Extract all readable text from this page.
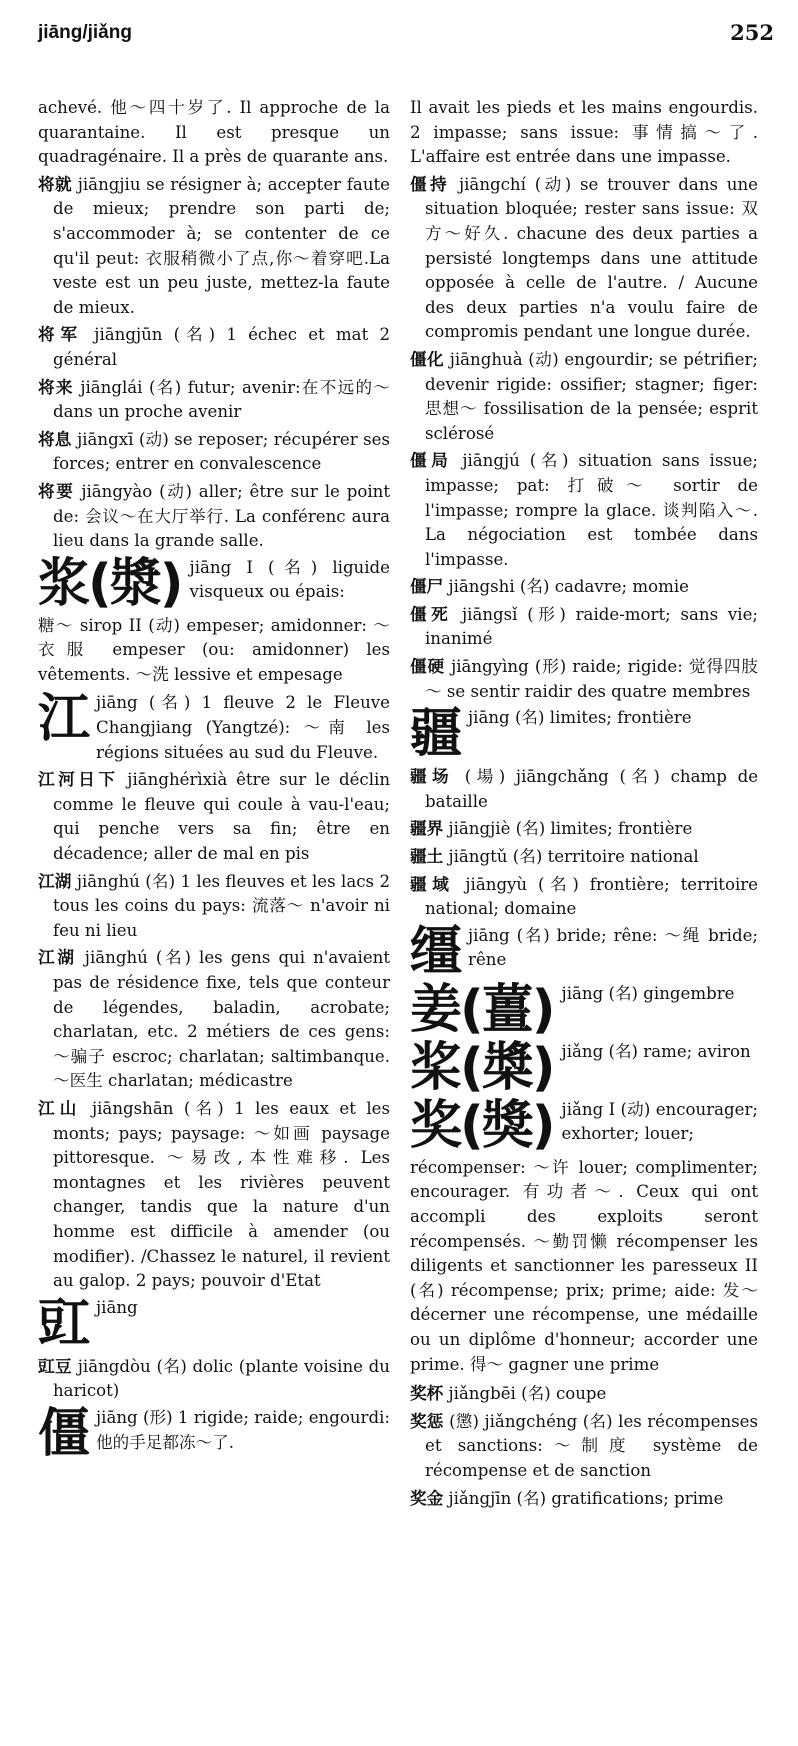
jiāng/jiǎng	252
achevé. 他～四十岁了. Il approche de la quarantaine. Il est presque un quadragénaire. Il a près de quarante ans.
将就 jiāngjiu se résigner à; accepter faute de mieux; prendre son parti de; s'accommoder à; se contenter de ce qu'il peut: 衣服稍微小了点,你～着穿吧.La veste est un peu juste, mettez-la faute de mieux.
将军 jiāngjūn (名) 1 échec et mat 2 général
将来 jiānglái (名) futur; avenir:在不远的～ dans un proche avenir
将息 jiāngxī (动) se reposer; récupérer ses forces; entrer en convalescence
将要 jiāngyào (动) aller; être sur le point de: 会议～在大厅举行. La conférenc aura lieu dans la grande salle.
浆(漿) jiāng I (名) liguide visqueux ou épais:
糖～ sirop II (动) empeser; amidonner: ～衣服 empeser (ou: amidonner) les vêtements. ～洗 lessive et empesage
江 jiāng (名) 1 fleuve 2 le Fleuve Changjiang (Yangtzé): ～南 les régions situées au sud du Fleuve.
江河日下 jiānghérìxià être sur le déclin comme le fleuve qui coule à vau-l'eau; qui penche vers sa fin; être en décadence; aller de mal en pis
江湖 jiānghú (名) 1 les fleuves et les lacs 2 tous les coins du pays: 流落～ n'avoir ni feu ni lieu
江湖 jiānghú (名) les gens qui n'avaient pas de résidence fixe, tels que conteur de légendes, baladin, acrobate; charlatan, etc. 2 métiers de ces gens: ～骗子 escroc; charlatan; saltimbanque. ～医生 charlatan; médicastre
江山 jiāngshān (名) 1 les eaux et les monts; pays; paysage: ～如画 paysage pittoresque. ～易改,本性难移. Les montagnes et les rivières peuvent changer, tandis que la nature d'un homme est difficile à amender (ou modifier). /Chassez le naturel, il revient au galop. 2 pays; pouvoir d'Etat
豇 jiāng
豇豆 jiāngdòu (名) dolic (plante voisine du haricot)
僵 jiāng (形) 1 rigide; raide; engourdi: 他的手足都冻～了.
Il avait les pieds et les mains engourdis. 2 impasse; sans issue: 事情搞～了. L'affaire est entrée dans une impasse.
僵持 jiāngchí (动) se trouver dans une situation bloquée; rester sans issue: 双方～好久. chacune des deux parties a persisté longtemps dans une attitude opposée à celle de l'autre. / Aucune des deux parties n'a voulu faire de compromis pendant une longue durée.
僵化 jiānghuà (动) engourdir; se pétrifier; devenir rigide: ossifier; stagner; figer: 思想～ fossilisation de la pensée; esprit sclérosé
僵局 jiāngjú (名) situation sans issue; impasse; pat: 打破～ sortir de l'impasse; rompre la glace. 谈判陷入～. La négociation est tombée dans l'impasse.
僵尸 jiāngshi (名) cadavre; momie
僵死 jiāngsǐ (形) raide-mort; sans vie; inanimé
僵硬 jiāngyìng (形) raide; rigide: 觉得四肢～ se sentir raidir des quatre membres
疆 jiāng (名) limites; frontière
疆场 (場) jiāngchǎng (名) champ de bataille
疆界 jiāngjiè (名) limites; frontière
疆土 jiāngtǔ (名) territoire national
疆域 jiāngyù (名) frontière; territoire national; domaine
缰 jiāng (名) bride; rêne: ～绳 bride; rêne
姜(薑) jiāng (名) gingembre
桨(槳) jiǎng (名) rame; aviron
奖(獎) jiǎng I (动) encourager; exhorter; louer;
récompenser: ～许 louer; complimenter; encourager. 有功者～. Ceux qui ont accompli des exploits seront récompensés. ～勤罚懒 récompenser les diligents et sanctionner les paresseux II (名) récompense; prix; prime; aide: 发～ décerner une récompense, une médaille ou un diplôme d'honneur; accorder une prime. 得～ gagner une prime
奖杯 jiǎngbēi (名) coupe
奖惩 (懲) jiǎngchéng (名) les récompenses et sanctions:～制度 système de récompense et de sanction
奖金 jiǎngjīn (名) gratifications; prime
